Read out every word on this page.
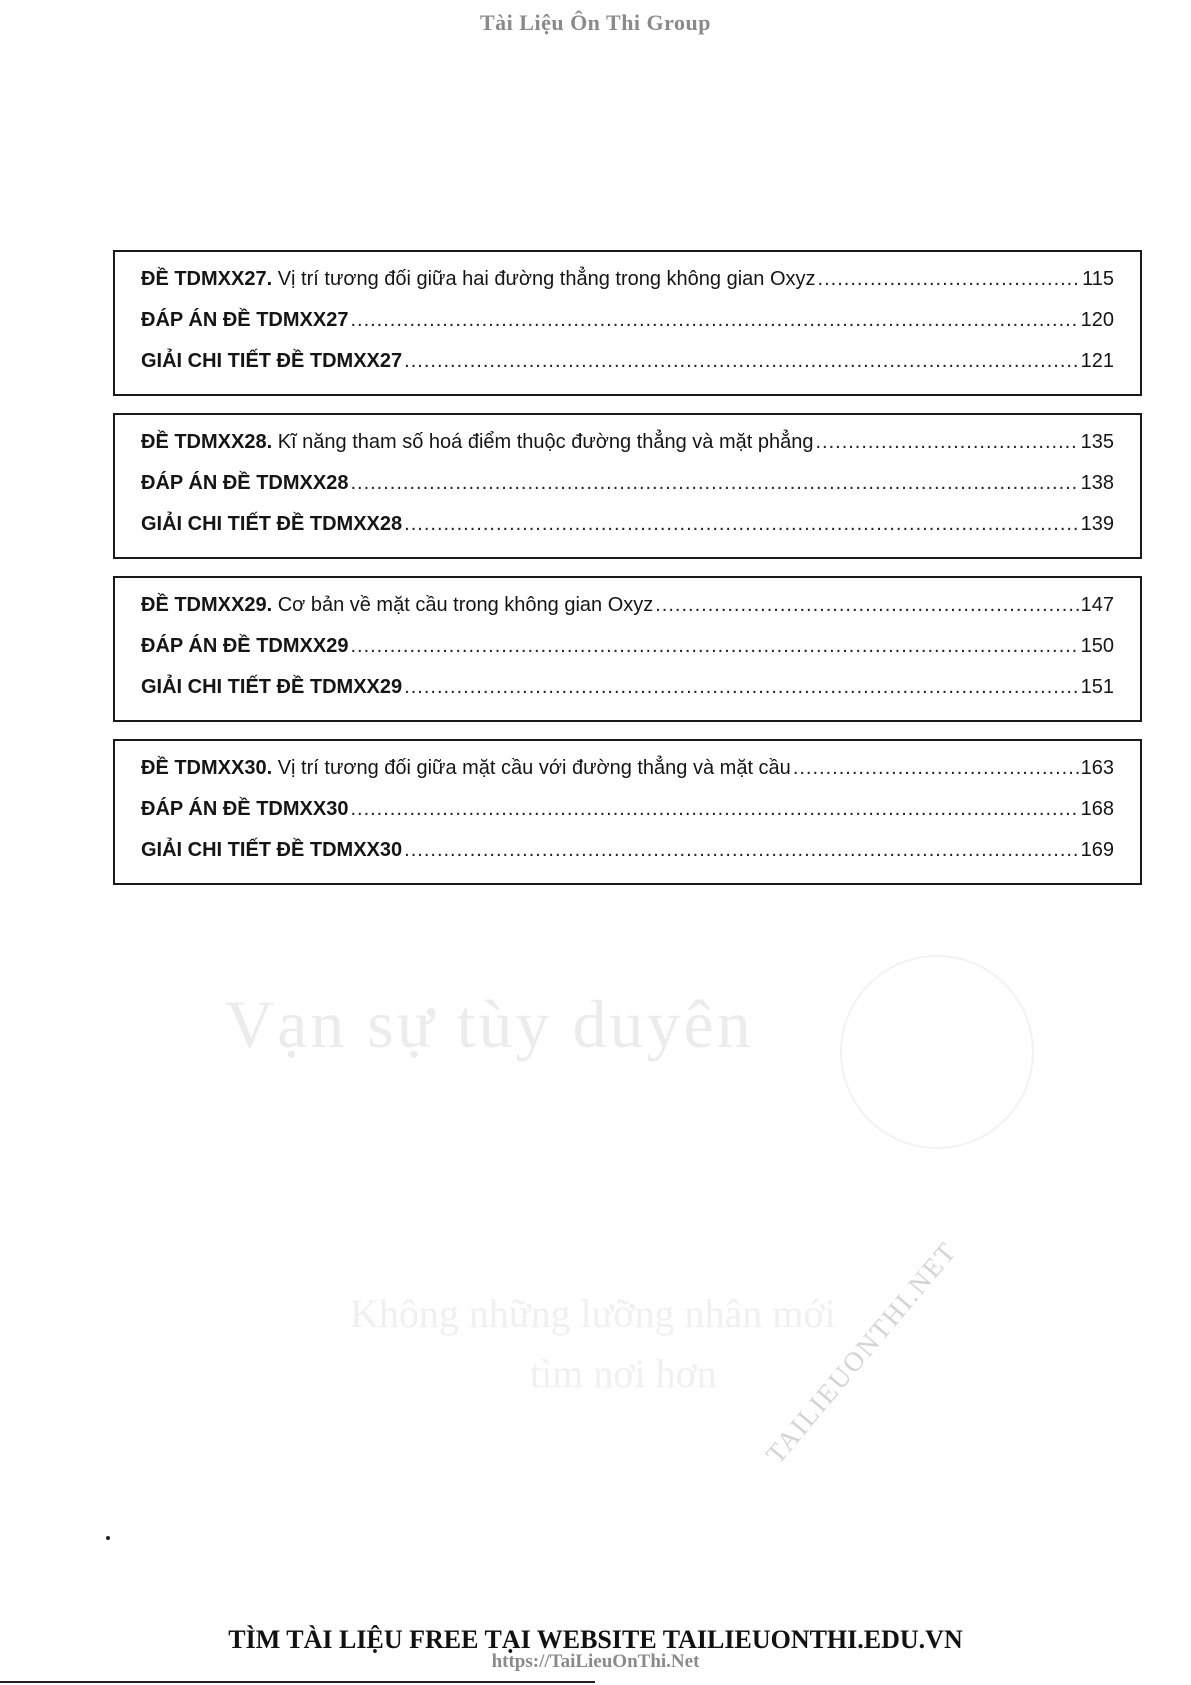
Tài Liệu Ôn Thi Group
Vạn sự tùy duyên
Không những lưỡng nhân mới
tìm nơi hơn TAILIEUONTHI.NET
ĐỀ TDMXX27. Vị trí tương đối giữa hai đường thẳng trong không gian Oxyz .....	115
ĐÁP ÁN ĐỀ TDMXX27 .....	120
GIẢI CHI TIẾT ĐỀ TDMXX27 .....	121
ĐỀ TDMXX28. Kĩ năng tham số hoá điểm thuộc đường thẳng và mặt phẳng .....	135
ĐÁP ÁN ĐỀ TDMXX28 .....	138
GIẢI CHI TIẾT ĐỀ TDMXX28 .....	139
ĐỀ TDMXX29. Cơ bản về mặt cầu trong không gian Oxyz .....	147
ĐÁP ÁN ĐỀ TDMXX29 .....	150
GIẢI CHI TIẾT ĐỀ TDMXX29 .....	151
ĐỀ TDMXX30. Vị trí tương đối giữa mặt cầu với đường thẳng và mặt cầu .....	163
ĐÁP ÁN ĐỀ TDMXX30 .....	168
GIẢI CHI TIẾT ĐỀ TDMXX30 .....	169
TÌM TÀI LIỆU FREE TẠI WEBSITE TAILIEUONTHI.EDU.VN
https://TaiLieuOnThi.Net
